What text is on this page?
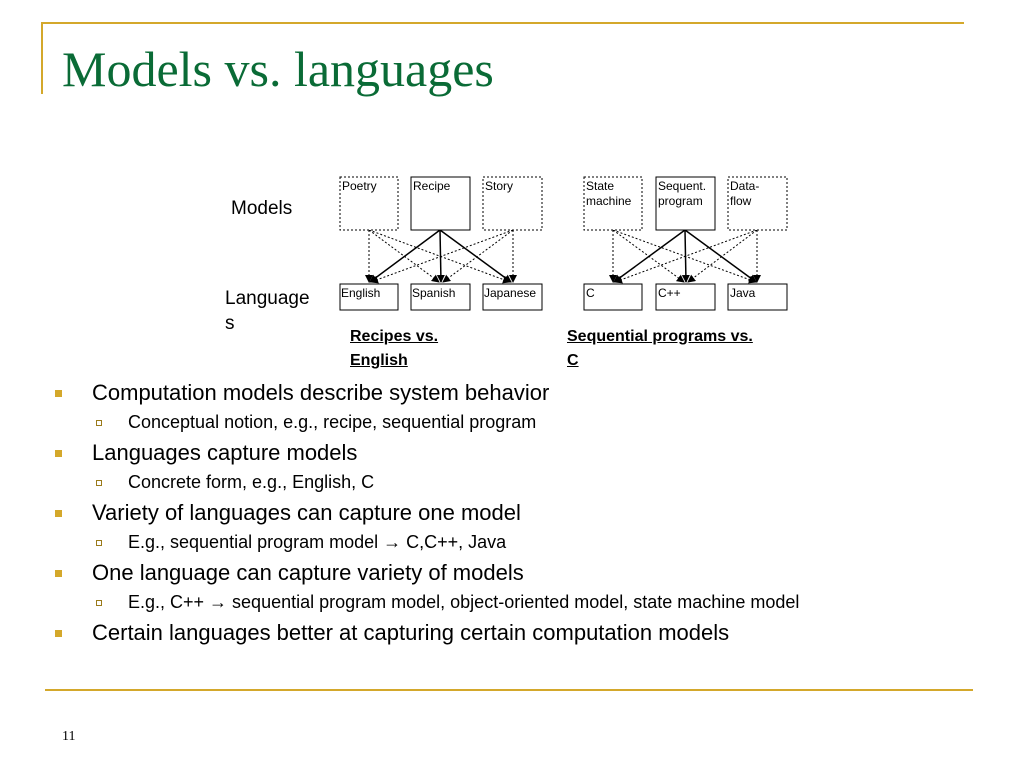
Models vs. languages
Poetry	Recipe	Story
English	Spanish Japanese
State
machine
Sequent.
program
Data-
flow
C	C++	Java
Models
Languages
Recipes vs.
English
Sequential programs vs.
C
Computation models describe system behavior
Conceptual notion, e.g., recipe, sequential program
Languages capture models
Concrete form, e.g., English, C
Variety of languages can capture one model
E.g., sequential program model → C,C++, Java
One language can capture variety of models
E.g., C++ → sequential program model, object-oriented model, state machine model
Certain languages better at capturing certain computation models
11
